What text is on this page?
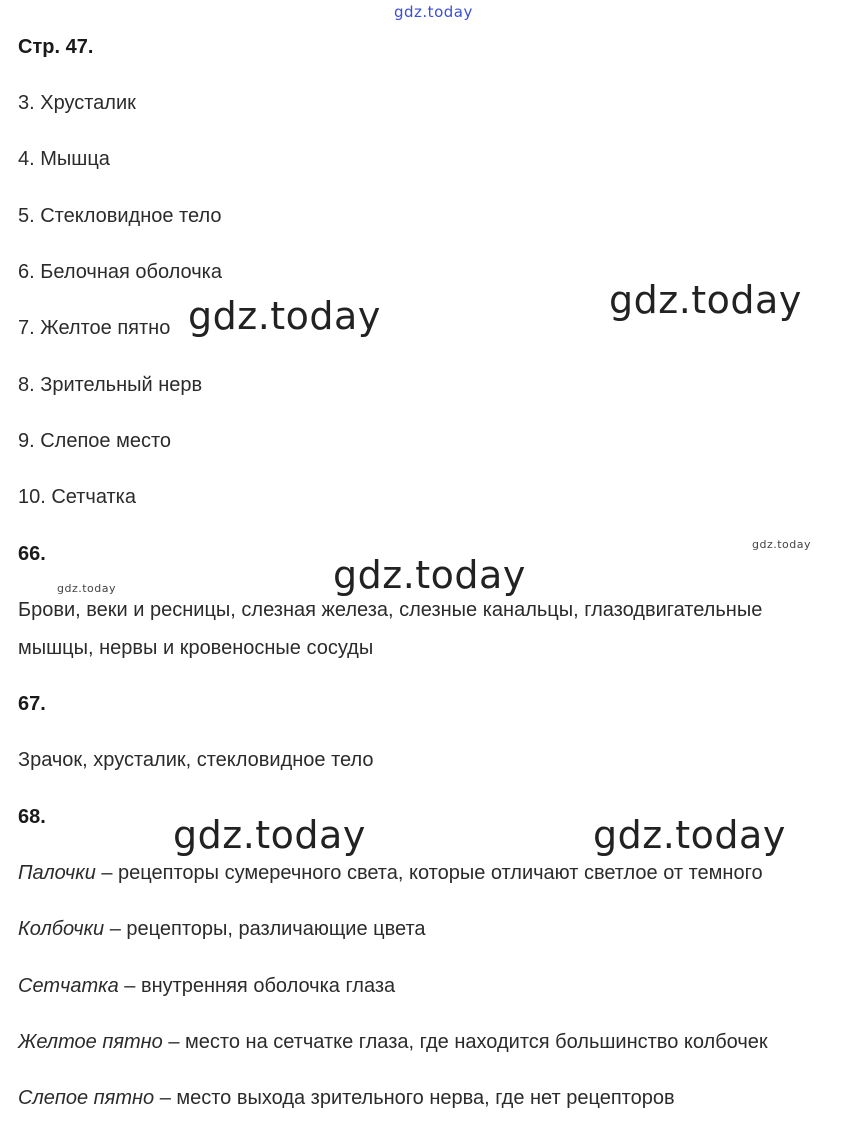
gdz.today
gdz.today	gdz.today
gdz.today
gdz.today	gdz.today
gdz.today	gdz.today
Стр. 47.
3. Хрусталик
4. Мышца
5. Стекловидное тело
6. Белочная оболочка
7. Желтое пятно
8. Зрительный нерв
9. Слепое место
10. Сетчатка
66.
Брови, веки и ресницы, слезная железа, слезные канальцы, глазодвигательные
мышцы, нервы и кровеносные сосуды
67.
Зрачок, хрусталик, стекловидное тело
68.
Палочки – рецепторы сумеречного света, которые отличают светлое от темного
Колбочки – рецепторы, различающие цвета
Сетчатка – внутренняя оболочка глаза
Желтое пятно – место на сетчатке глаза, где находится большинство колбочек
Слепое пятно – место выхода зрительного нерва, где нет рецепторов
